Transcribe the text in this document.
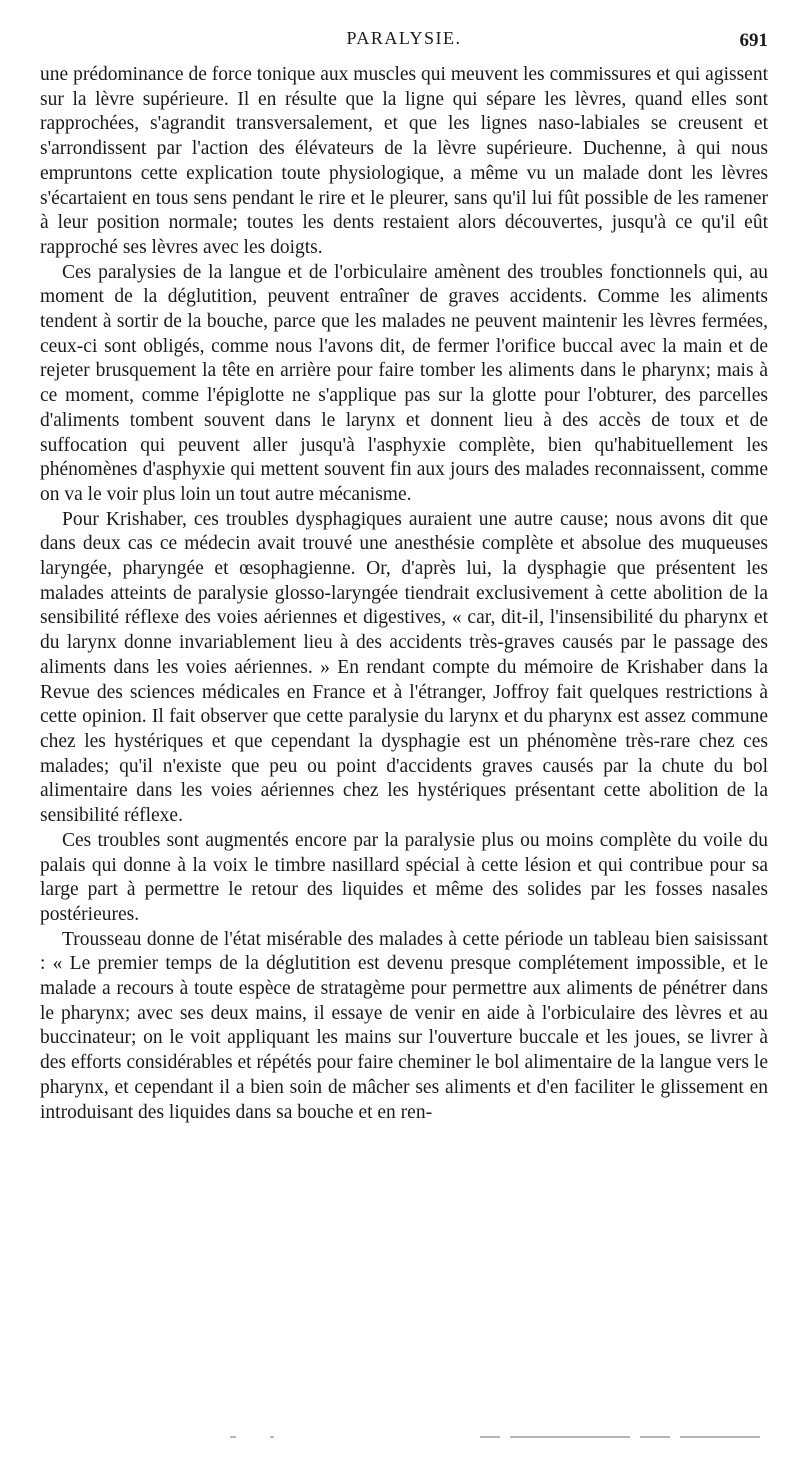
PARALYSIE.	691

une prédominance de force tonique aux muscles qui meuvent les commissures et qui agissent sur la lèvre supérieure. Il en résulte que la ligne qui sépare les lèvres, quand elles sont rapprochées, s'agrandit transversalement, et que les lignes naso-labiales se creusent et s'arrondissent par l'action des élévateurs de la lèvre supérieure. Duchenne, à qui nous empruntons cette explication toute physiologique, a même vu un malade dont les lèvres s'écartaient en tous sens pendant le rire et le pleurer, sans qu'il lui fût possible de les ramener à leur position normale; toutes les dents restaient alors découvertes, jusqu'à ce qu'il eût rapproché ses lèvres avec les doigts.

Ces paralysies de la langue et de l'orbiculaire amènent des troubles fonctionnels qui, au moment de la déglutition, peuvent entraîner de graves accidents. Comme les aliments tendent à sortir de la bouche, parce que les malades ne peuvent maintenir les lèvres fermées, ceux-ci sont obligés, comme nous l'avons dit, de fermer l'orifice buccal avec la main et de rejeter brusquement la tête en arrière pour faire tomber les aliments dans le pharynx; mais à ce moment, comme l'épiglotte ne s'applique pas sur la glotte pour l'obturer, des parcelles d'aliments tombent souvent dans le larynx et donnent lieu à des accès de toux et de suffocation qui peuvent aller jusqu'à l'asphyxie complète, bien qu'habituellement les phénomènes d'asphyxie qui mettent souvent fin aux jours des malades reconnaissent, comme on va le voir plus loin un tout autre mécanisme.

Pour Krishaber, ces troubles dysphagiques auraient une autre cause; nous avons dit que dans deux cas ce médecin avait trouvé une anesthésie complète et absolue des muqueuses laryngée, pharyngée et œsophagienne. Or, d'après lui, la dysphagie que présentent les malades atteints de paralysie glosso-laryngée tiendrait exclusivement à cette abolition de la sensibilité réflexe des voies aériennes et digestives, « car, dit-il, l'insensibilité du pharynx et du larynx donne invariablement lieu à des accidents très-graves causés par le passage des aliments dans les voies aériennes. » En rendant compte du mémoire de Krishaber dans la Revue des sciences médicales en France et à l'étranger, Joffroy fait quelques restrictions à cette opinion. Il fait observer que cette paralysie du larynx et du pharynx est assez commune chez les hystériques et que cependant la dysphagie est un phénomène très-rare chez ces malades; qu'il n'existe que peu ou point d'accidents graves causés par la chute du bol alimentaire dans les voies aériennes chez les hystériques présentant cette abolition de la sensibilité réflexe.

Ces troubles sont augmentés encore par la paralysie plus ou moins complète du voile du palais qui donne à la voix le timbre nasillard spécial à cette lésion et qui contribue pour sa large part à permettre le retour des liquides et même des solides par les fosses nasales postérieures.

Trousseau donne de l'état misérable des malades à cette période un tableau bien saisissant : « Le premier temps de la déglutition est devenu presque complétement impossible, et le malade a recours à toute espèce de stratagème pour permettre aux aliments de pénétrer dans le pharynx; avec ses deux mains, il essaye de venir en aide à l'orbiculaire des lèvres et au buccinateur; on le voit appliquant les mains sur l'ouverture buccale et les joues, se livrer à des efforts considérables et répétés pour faire cheminer le bol alimentaire de la langue vers le pharynx, et cependant il a bien soin de mâcher ses aliments et d'en faciliter le glissement en introduisant des liquides dans sa bouche et en ren-
